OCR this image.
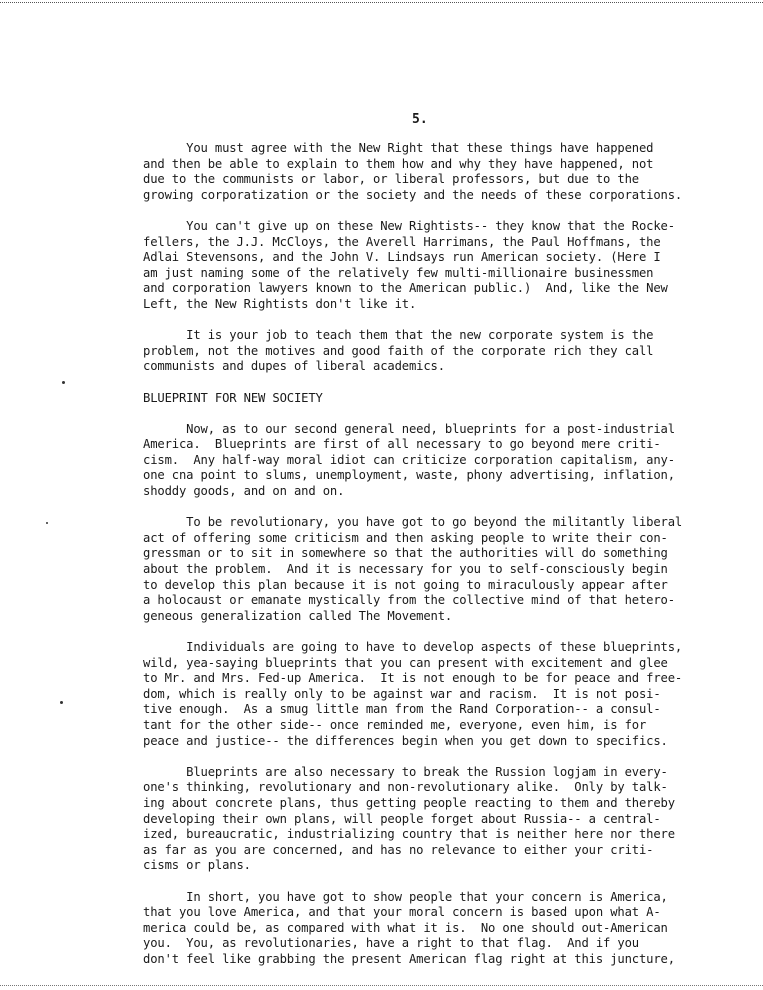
5.
You must agree with the New Right that these things have happened
and then be able to explain to them how and why they have happened, not
due to the communists or labor, or liberal professors, but due to the
growing corporatization or the society and the needs of these corporations.
You can't give up on these New Rightists-- they know that the Rocke-
fellers, the J.J. McCloys, the Averell Harrimans, the Paul Hoffmans, the
Adlai Stevensons, and the John V. Lindsays run American society. (Here I
am just naming some of the relatively few multi-millionaire businessmen
and corporation lawyers known to the American public.)  And, like the New
Left, the New Rightists don't like it.
It is your job to teach them that the new corporate system is the
problem, not the motives and good faith of the corporate rich they call
communists and dupes of liberal academics.
BLUEPRINT FOR NEW SOCIETY
Now, as to our second general need, blueprints for a post-industrial
America.  Blueprints are first of all necessary to go beyond mere criti-
cism.  Any half-way moral idiot can criticize corporation capitalism, any-
one cna point to slums, unemployment, waste, phony advertising, inflation,
shoddy goods, and on and on.
To be revolutionary, you have got to go beyond the militantly liberal
act of offering some criticism and then asking people to write their con-
gressman or to sit in somewhere so that the authorities will do something
about the problem.  And it is necessary for you to self-consciously begin
to develop this plan because it is not going to miraculously appear after
a holocaust or emanate mystically from the collective mind of that hetero-
geneous generalization called The Movement.
Individuals are going to have to develop aspects of these blueprints,
wild, yea-saying blueprints that you can present with excitement and glee
to Mr. and Mrs. Fed-up America.  It is not enough to be for peace and free-
dom, which is really only to be against war and racism.  It is not posi-
tive enough.  As a smug little man from the Rand Corporation-- a consul-
tant for the other side-- once reminded me, everyone, even him, is for
peace and justice-- the differences begin when you get down to specifics.
Blueprints are also necessary to break the Russion logjam in every-
one's thinking, revolutionary and non-revolutionary alike.  Only by talk-
ing about concrete plans, thus getting people reacting to them and thereby
developing their own plans, will people forget about Russia-- a central-
ized, bureaucratic, industrializing country that is neither here nor there
as far as you are concerned, and has no relevance to either your criti-
cisms or plans.
In short, you have got to show people that your concern is America,
that you love America, and that your moral concern is based upon what A-
merica could be, as compared with what it is.  No one should out-American
you.  You, as revolutionaries, have a right to that flag.  And if you
don't feel like grabbing the present American flag right at this juncture,
